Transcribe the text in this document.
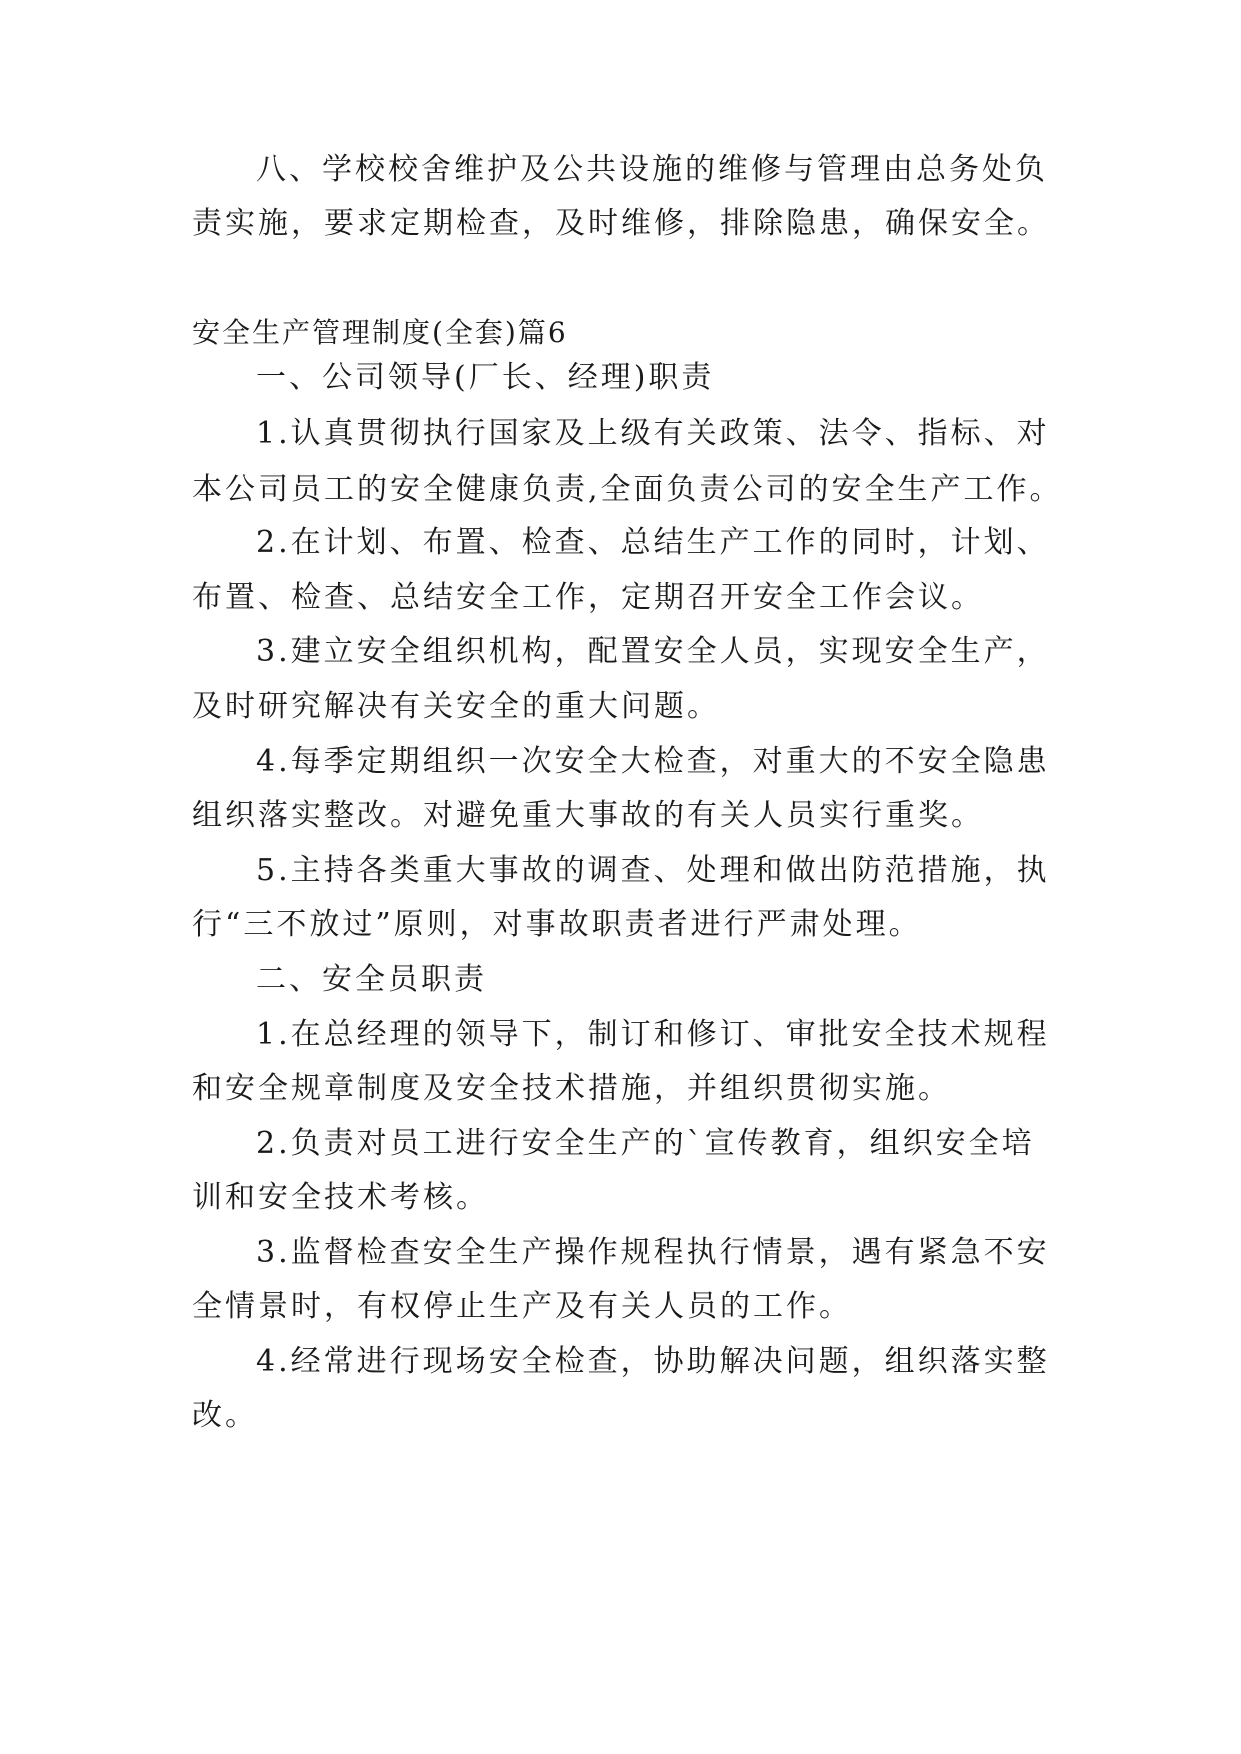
八、学校校舍维护及公共设施的维修与管理由总务处负
责实施，要求定期检查，及时维修，排除隐患，确保安全。
安全生产管理制度(全套)篇6
一、公司领导(厂长、经理)职责
1.认真贯彻执行国家及上级有关政策、法令、指标、对
本公司员工的安全健康负责,全面负责公司的安全生产工作。
2.在计划、布置、检查、总结生产工作的同时，计划、
布置、检查、总结安全工作，定期召开安全工作会议。
3.建立安全组织机构，配置安全人员，实现安全生产，
及时研究解决有关安全的重大问题。
4.每季定期组织一次安全大检查，对重大的不安全隐患
组织落实整改。对避免重大事故的有关人员实行重奖。
5.主持各类重大事故的调查、处理和做出防范措施，执
行“三不放过”原则，对事故职责者进行严肃处理。
二、安全员职责
1.在总经理的领导下，制订和修订、审批安全技术规程
和安全规章制度及安全技术措施，并组织贯彻实施。
2.负责对员工进行安全生产的`宣传教育，组织安全培
训和安全技术考核。
3.监督检查安全生产操作规程执行情景，遇有紧急不安
全情景时，有权停止生产及有关人员的工作。
4.经常进行现场安全检查，协助解决问题，组织落实整
改。
